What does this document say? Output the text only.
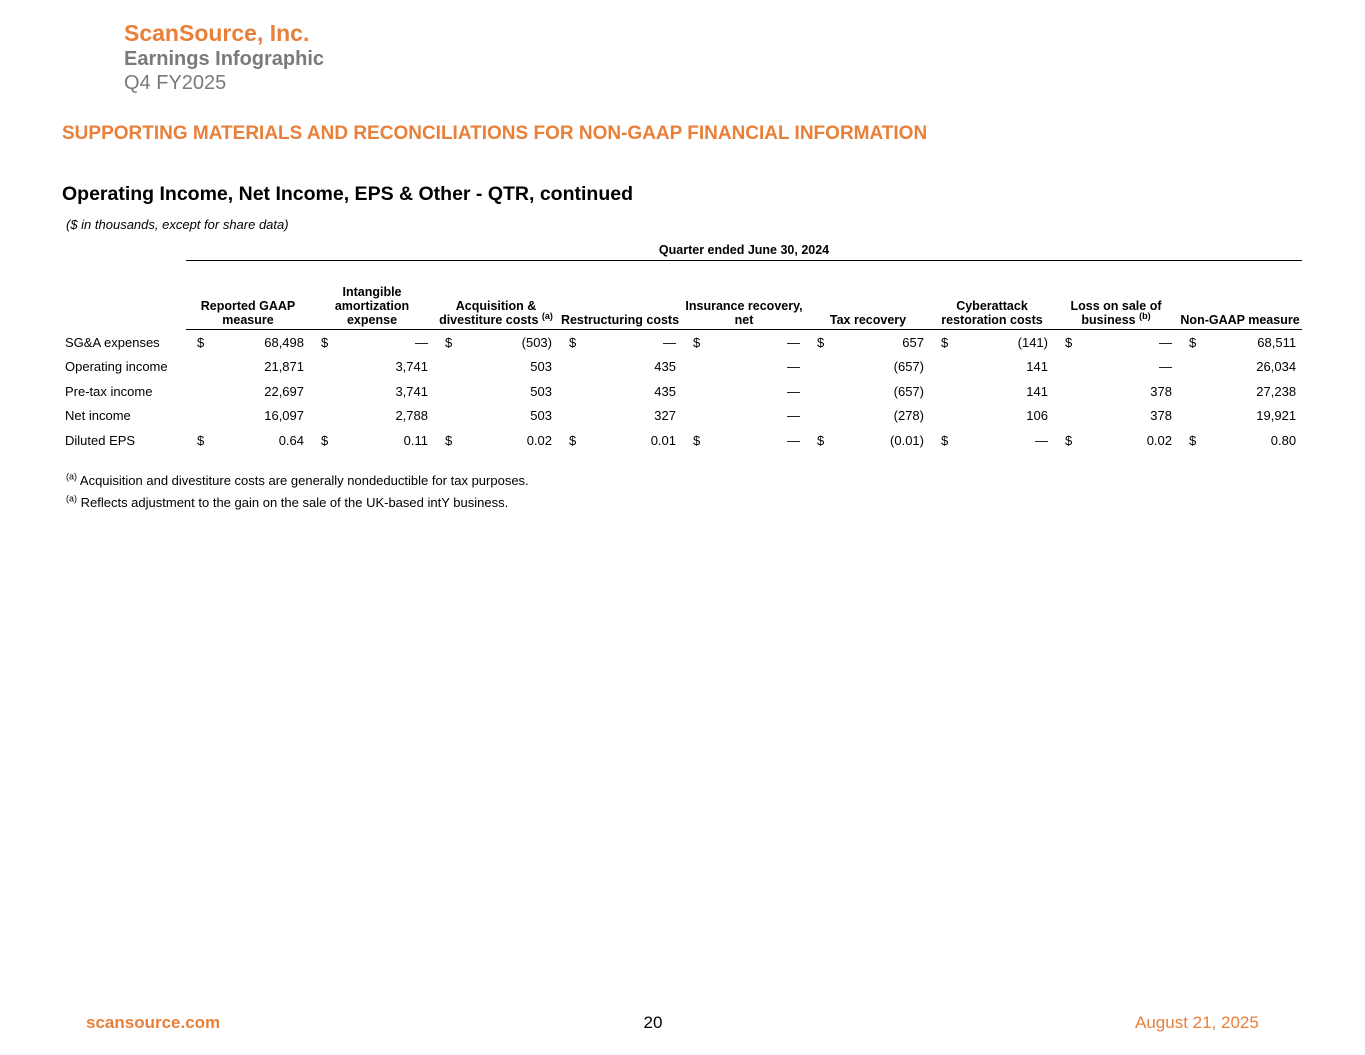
ScanSource, Inc.
Earnings Infographic
Q4 FY2025
SUPPORTING MATERIALS AND RECONCILIATIONS FOR NON-GAAP FINANCIAL INFORMATION
Operating Income, Net Income, EPS & Other - QTR, continued
($ in thousands, except for share data)
	Quarter ended June 30, 2024																	
	Reported GAAP measure		Intangible amortization expense		Acquisition & divestiture costs $^{(a)}$		Restructuring costs		Insurance recovery, net		Tax recovery		Cyberattack restoration costs		Loss on sale of business $^{(b)}$		Non-GAAP measure	
SG&A expenses	$	68,498	$	—	$	(503)	$	—	$	—	$	657	$	(141)	$	—	$	68,511
Operating income		21,871		3,741		503		435		—		(657)		141		—		26,034
Pre-tax income		22,697		3,741		503		435		—		(657)		141		378		27,238
Net income		16,097		2,788		503		327		—		(278)		106		378		19,921
Diluted EPS	$	0.64	$	0.11	$	0.02	$	0.01	$	—	$	(0.01)	$	—	$	0.02	$	0.80
$^{(a)}$ Acquisition and divestiture costs are generally nondeductible for tax purposes.
$^{(a)}$ Reflects adjustment to the gain on the sale of the UK-based intY business.
scansource.com	20	August 21, 2025
